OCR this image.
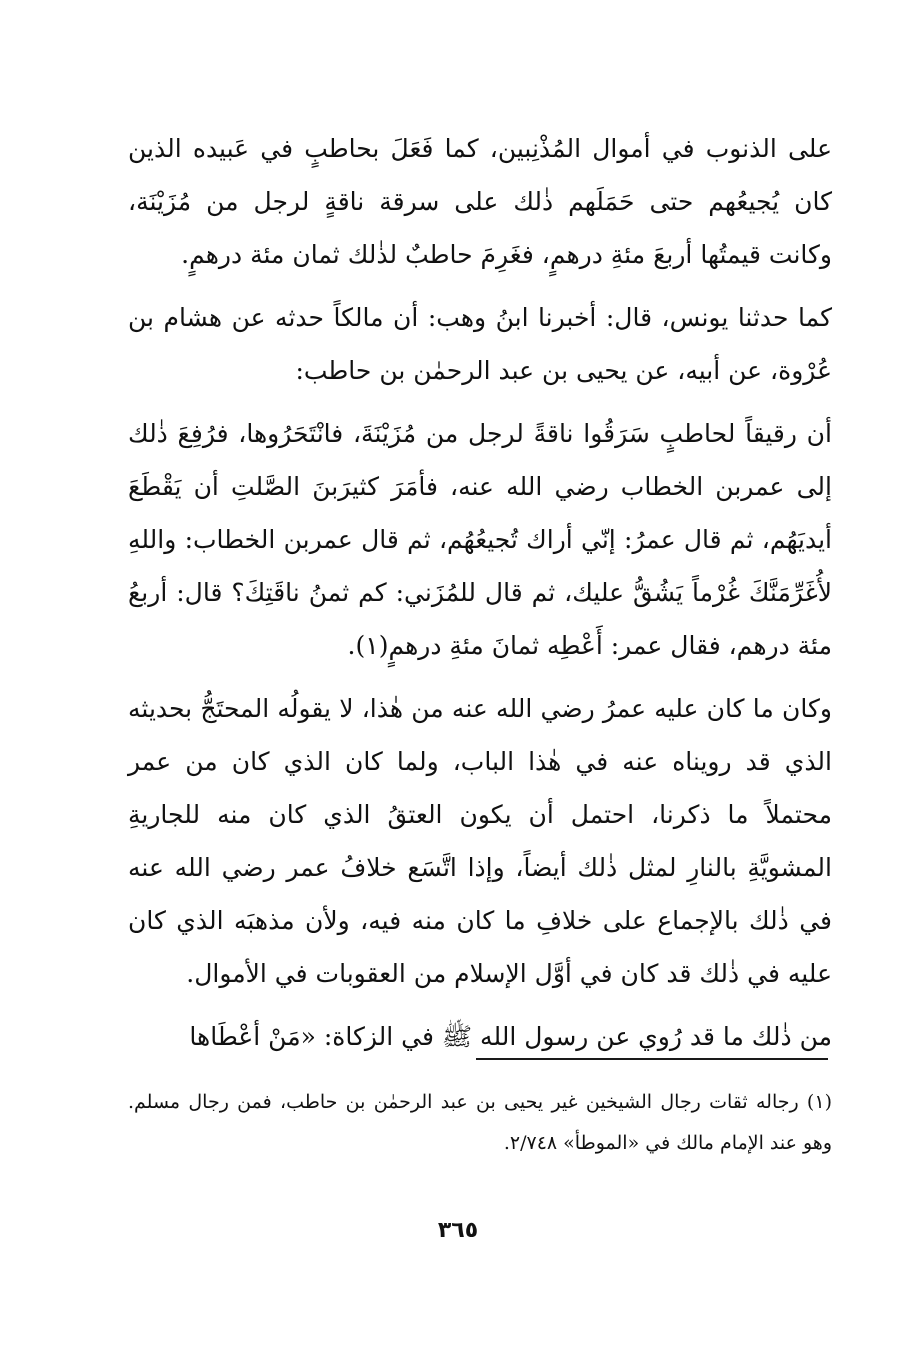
على الذنوب في أموال المُذْنِبين، كما فَعَلَ بحاطبٍ في عَبيده الذين كان يُجيعُهم حتى حَمَلَهم ذٰلك على سرقة ناقةٍ لرجل من مُزَيْنَة، وكانت قيمتُها أربعَ مئةِ درهمٍ، فغَرِمَ حاطبٌ لذٰلك ثمان مئة درهمٍ.

كما حدثنا يونس، قال: أخبرنا ابنُ وهب: أن مالكاً حدثه عن هشام بن عُرْوة، عن أبيه، عن يحيى بن عبد الرحمٰن بن حاطب:

أن رقيقاً لحاطبٍ سَرَقُوا ناقةً لرجل من مُزَيْنَةَ، فانْتَحَرُوها، فرُفِعَ ذٰلك إلى عمربن الخطاب رضي الله عنه، فأمَرَ كثيرَبنَ الصَّلتِ أن يَقْطَعَ أيديَهُم، ثم قال عمرُ: إنّي أراك تُجيعُهُم، ثم قال عمربن الخطاب: واللهِ لأُغَرِّمَنَّكَ غُرْماً يَشُقُّ عليك، ثم قال للمُزَني: كم ثمنُ ناقَتِكَ؟ قال: أربعُ مئة درهم، فقال عمر: أَعْطِه ثمانَ مئةِ درهمٍ(١).

وكان ما كان عليه عمرُ رضي الله عنه من هٰذا، لا يقولُه المحتَجُّ بحديثه الذي قد رويناه عنه في هٰذا الباب، ولما كان الذي كان من عمر محتملاً ما ذكرنا، احتمل أن يكون العتقُ الذي كان منه للجاريةِ المشويَّةِ بالنارِ لمثل ذٰلك أيضاً، وإذا اتَّسَع خلافُ عمر رضي الله عنه في ذٰلك بالإجماع على خلافِ ما كان منه فيه، ولأن مذهبَه الذي كان عليه في ذٰلك قد كان في أوَّل الإسلام من العقوبات في الأموال.

من ذٰلك ما قد رُوي عن رسول الله ﷺ في الزكاة: «مَنْ أعْطَاها

(١) رجاله ثقات رجال الشيخين غير يحيى بن عبد الرحمٰن بن حاطب، فمن رجال مسلم. وهو عند الإمام مالك في «الموطأ» ٢/٧٤٨.

٣٦٥
